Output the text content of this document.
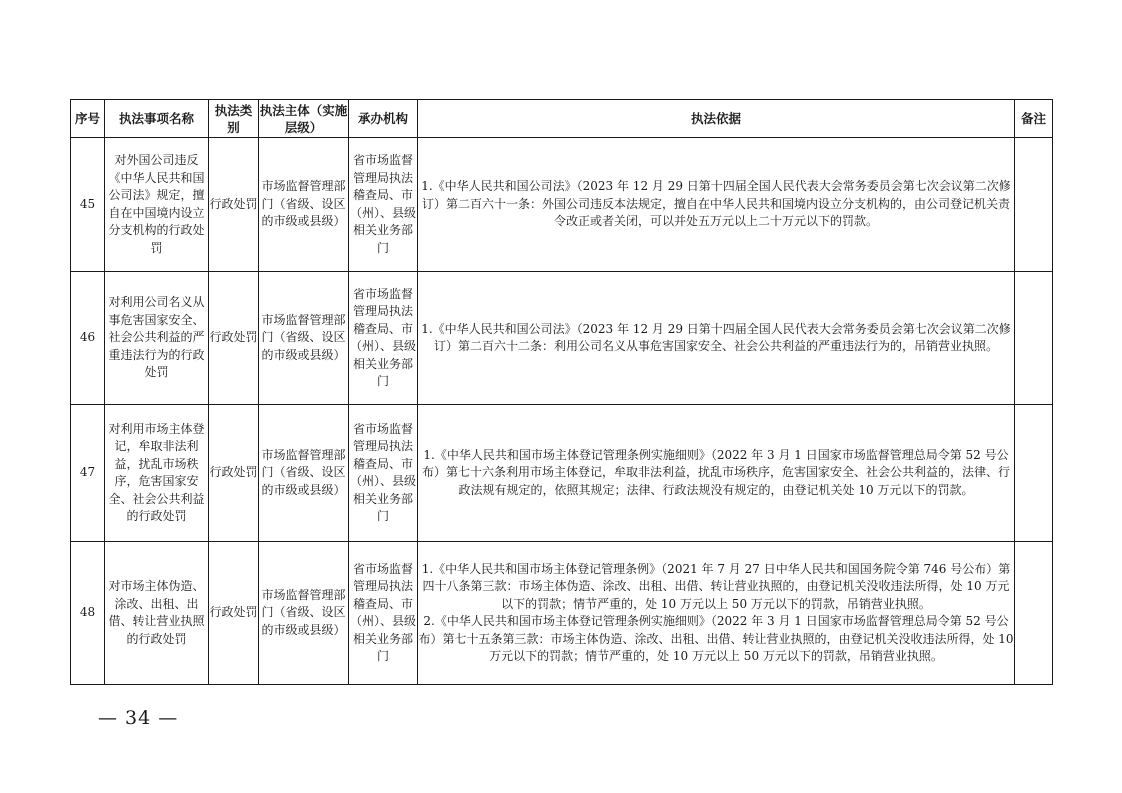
序号	执法事项名称	执法类别	执法主体（实施层级）	承办机构	执法依据	备注
45	对外国公司违反《中华人民共和国公司法》规定，擅自在中国境内设立分支机构的行政处罚	行政处罚	市场监督管理部门（省级、设区的市级或县级）	省市场监督管理局执法稽查局、市（州）、县级相关业务部门	1.《中华人民共和国公司法》（2023 年 12 月 29 日第十四届全国人民代表大会常务委员会第七次会议第二次修订）第二百六十一条：外国公司违反本法规定，擅自在中华人民共和国境内设立分支机构的，由公司登记机关责令改正或者关闭，可以并处五万元以上二十万元以下的罚款。	

46	对利用公司名义从事危害国家安全、社会公共利益的严重违法行为的行政处罚	行政处罚	市场监督管理部门（省级、设区的市级或县级）	省市场监督管理局执法稽查局、市（州）、县级相关业务部门	1.《中华人民共和国公司法》（2023 年 12 月 29 日第十四届全国人民代表大会常务委员会第七次会议第二次修订）第二百六十二条：利用公司名义从事危害国家安全、社会公共利益的严重违法行为的，吊销营业执照。	

47	对利用市场主体登记，牟取非法利益，扰乱市场秩序，危害国家安全、社会公共利益的行政处罚	行政处罚	市场监督管理部门（省级、设区的市级或县级）	省市场监督管理局执法稽查局、市（州）、县级相关业务部门	1.《中华人民共和国市场主体登记管理条例实施细则》（2022 年 3 月 1 日国家市场监督管理总局令第 52 号公布）第七十六条利用市场主体登记，牟取非法利益，扰乱市场秩序，危害国家安全、社会公共利益的，法律、行政法规有规定的，依照其规定；法律、行政法规没有规定的，由登记机关处 10 万元以下的罚款。	

48	对市场主体伪造、涂改、出租、出借、转让营业执照的行政处罚	行政处罚	市场监督管理部门（省级、设区的市级或县级）	省市场监督管理局执法稽查局、市（州）、县级相关业务部门	1.《中华人民共和国市场主体登记管理条例》（2021 年 7 月 27 日中华人民共和国国务院令第 746 号公布）第四十八条第三款：市场主体伪造、涂改、出租、出借、转让营业执照的，由登记机关没收违法所得，处 10 万元以下的罚款；情节严重的，处 10 万元以上 50 万元以下的罚款，吊销营业执照。

2.《中华人民共和国市场主体登记管理条例实施细则》（2022 年 3 月 1 日国家市场监督管理总局令第 52 号公布）第七十五条第三款：市场主体伪造、涂改、出租、出借、转让营业执照的，由登记机关没收违法所得，处 10 万元以下的罚款；情节严重的，处 10 万元以上 50 万元以下的罚款，吊销营业执照。	

— 34 —
